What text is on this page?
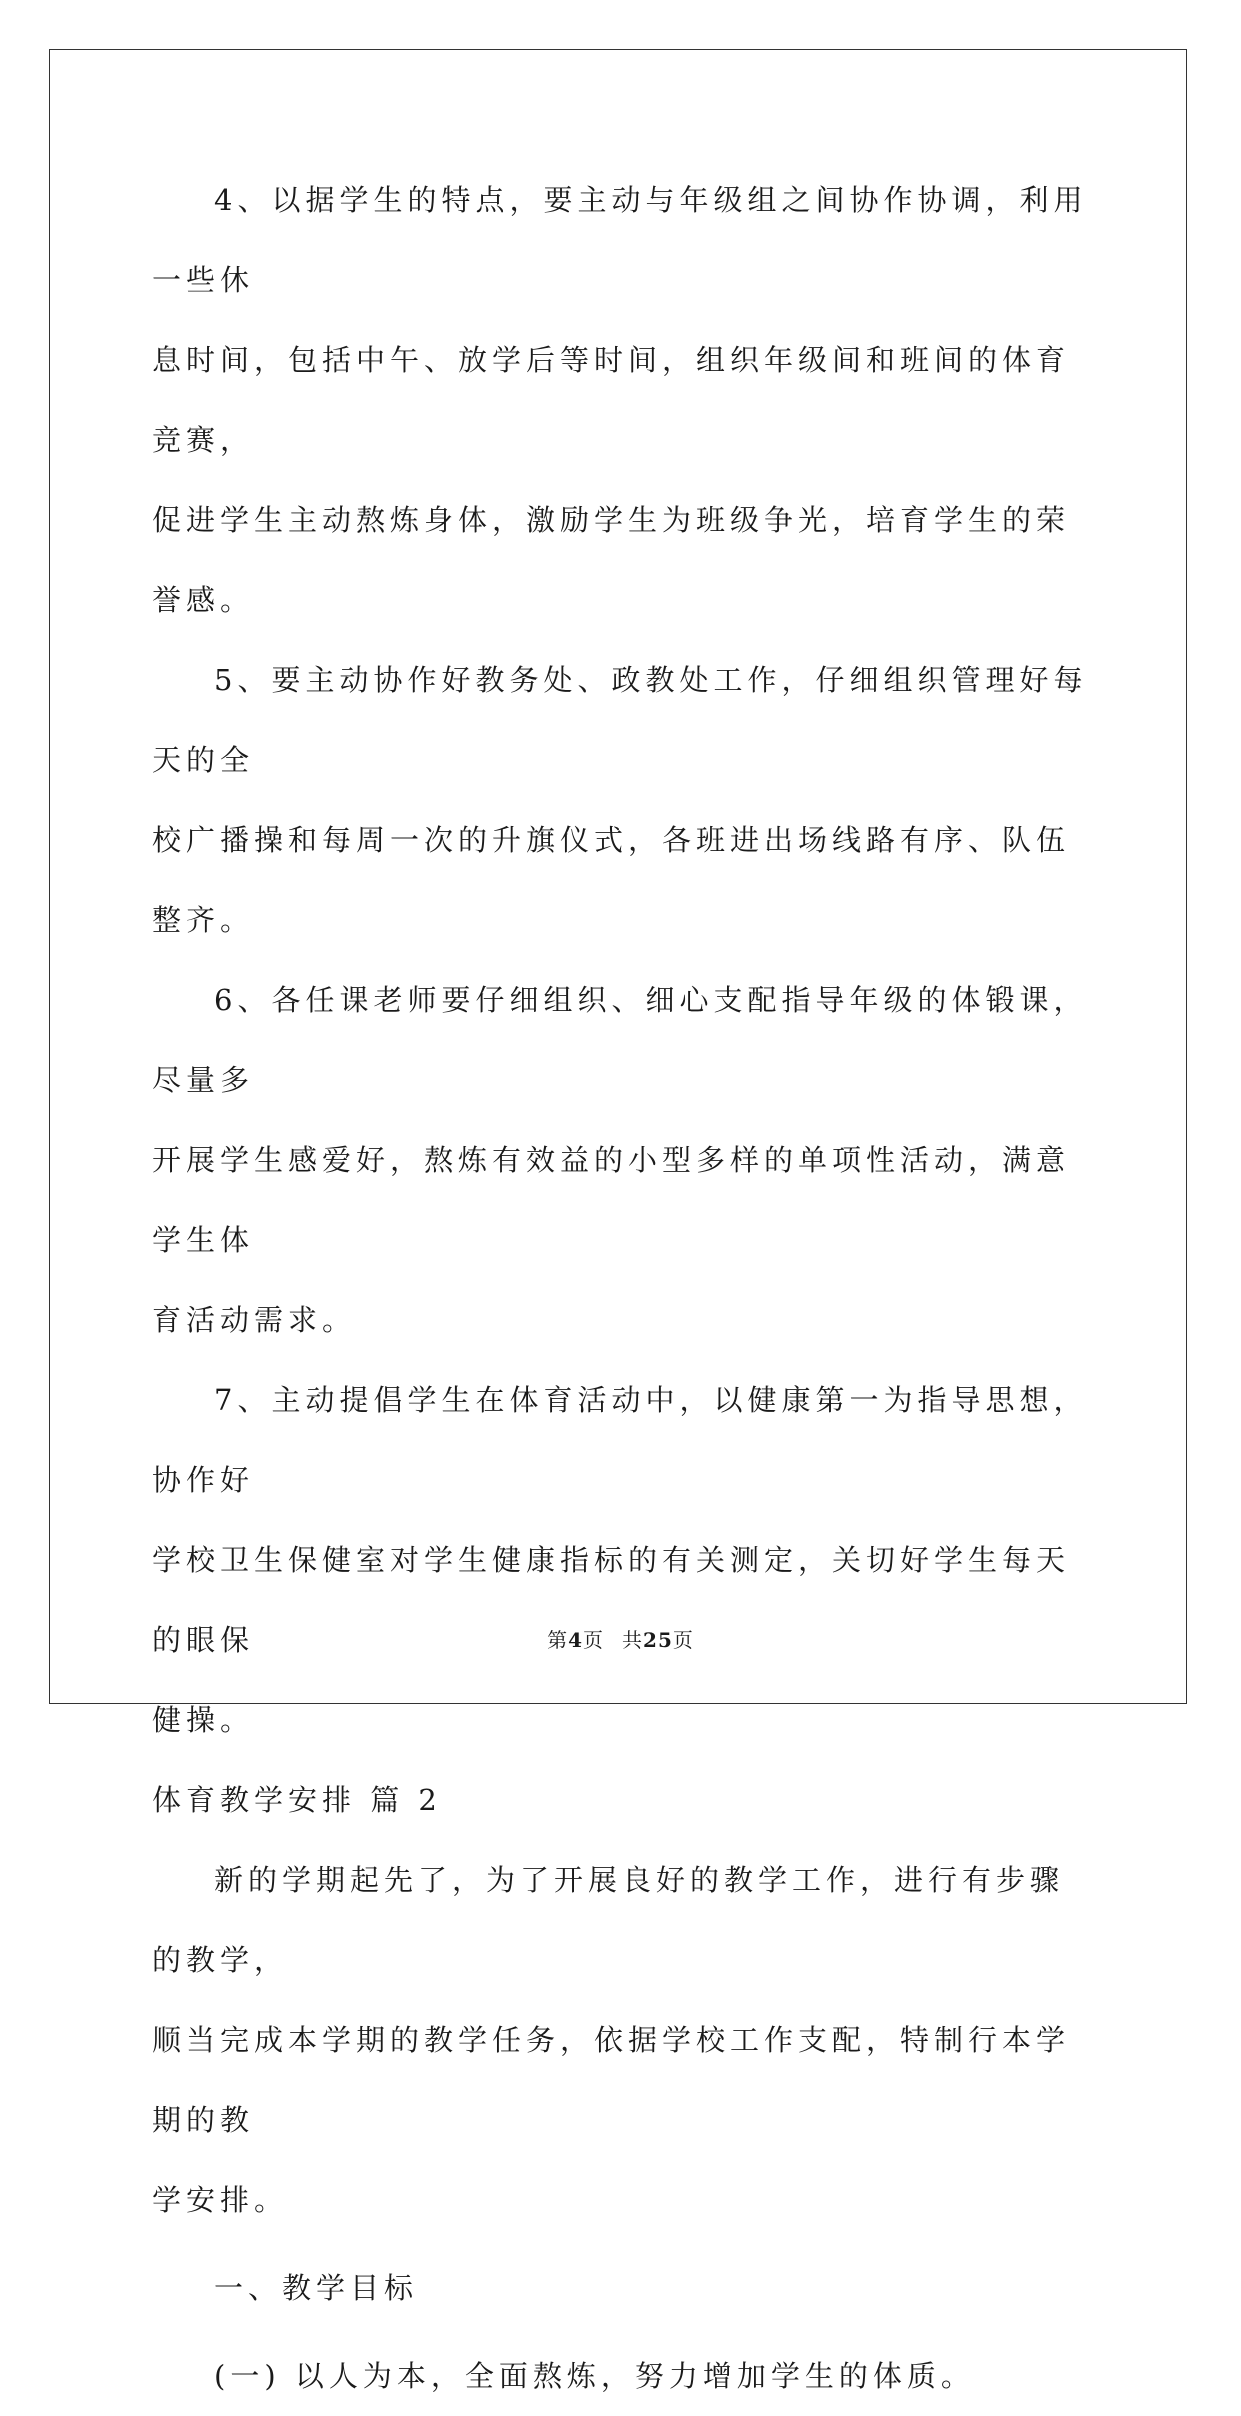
4、以据学生的特点，要主动与年级组之间协作协调，利用一些休
息时间，包括中午、放学后等时间，组织年级间和班间的体育竞赛，
促进学生主动熬炼身体，激励学生为班级争光，培育学生的荣誉感。
5、要主动协作好教务处、政教处工作，仔细组织管理好每天的全
校广播操和每周一次的升旗仪式，各班进出场线路有序、队伍整齐。
6、各任课老师要仔细组织、细心支配指导年级的体锻课，尽量多
开展学生感爱好，熬炼有效益的小型多样的单项性活动，满意学生体
育活动需求。
7、主动提倡学生在体育活动中，以健康第一为指导思想，协作好
学校卫生保健室对学生健康指标的有关测定，关切好学生每天的眼保
健操。

体育教学安排 篇 2

新的学期起先了，为了开展良好的教学工作，进行有步骤的教学，
顺当完成本学期的教学任务，依据学校工作支配，特制行本学期的教
学安排。

一、教学目标

(一) 以人为本，全面熬炼，努力增加学生的体质。

第4页 共25页
